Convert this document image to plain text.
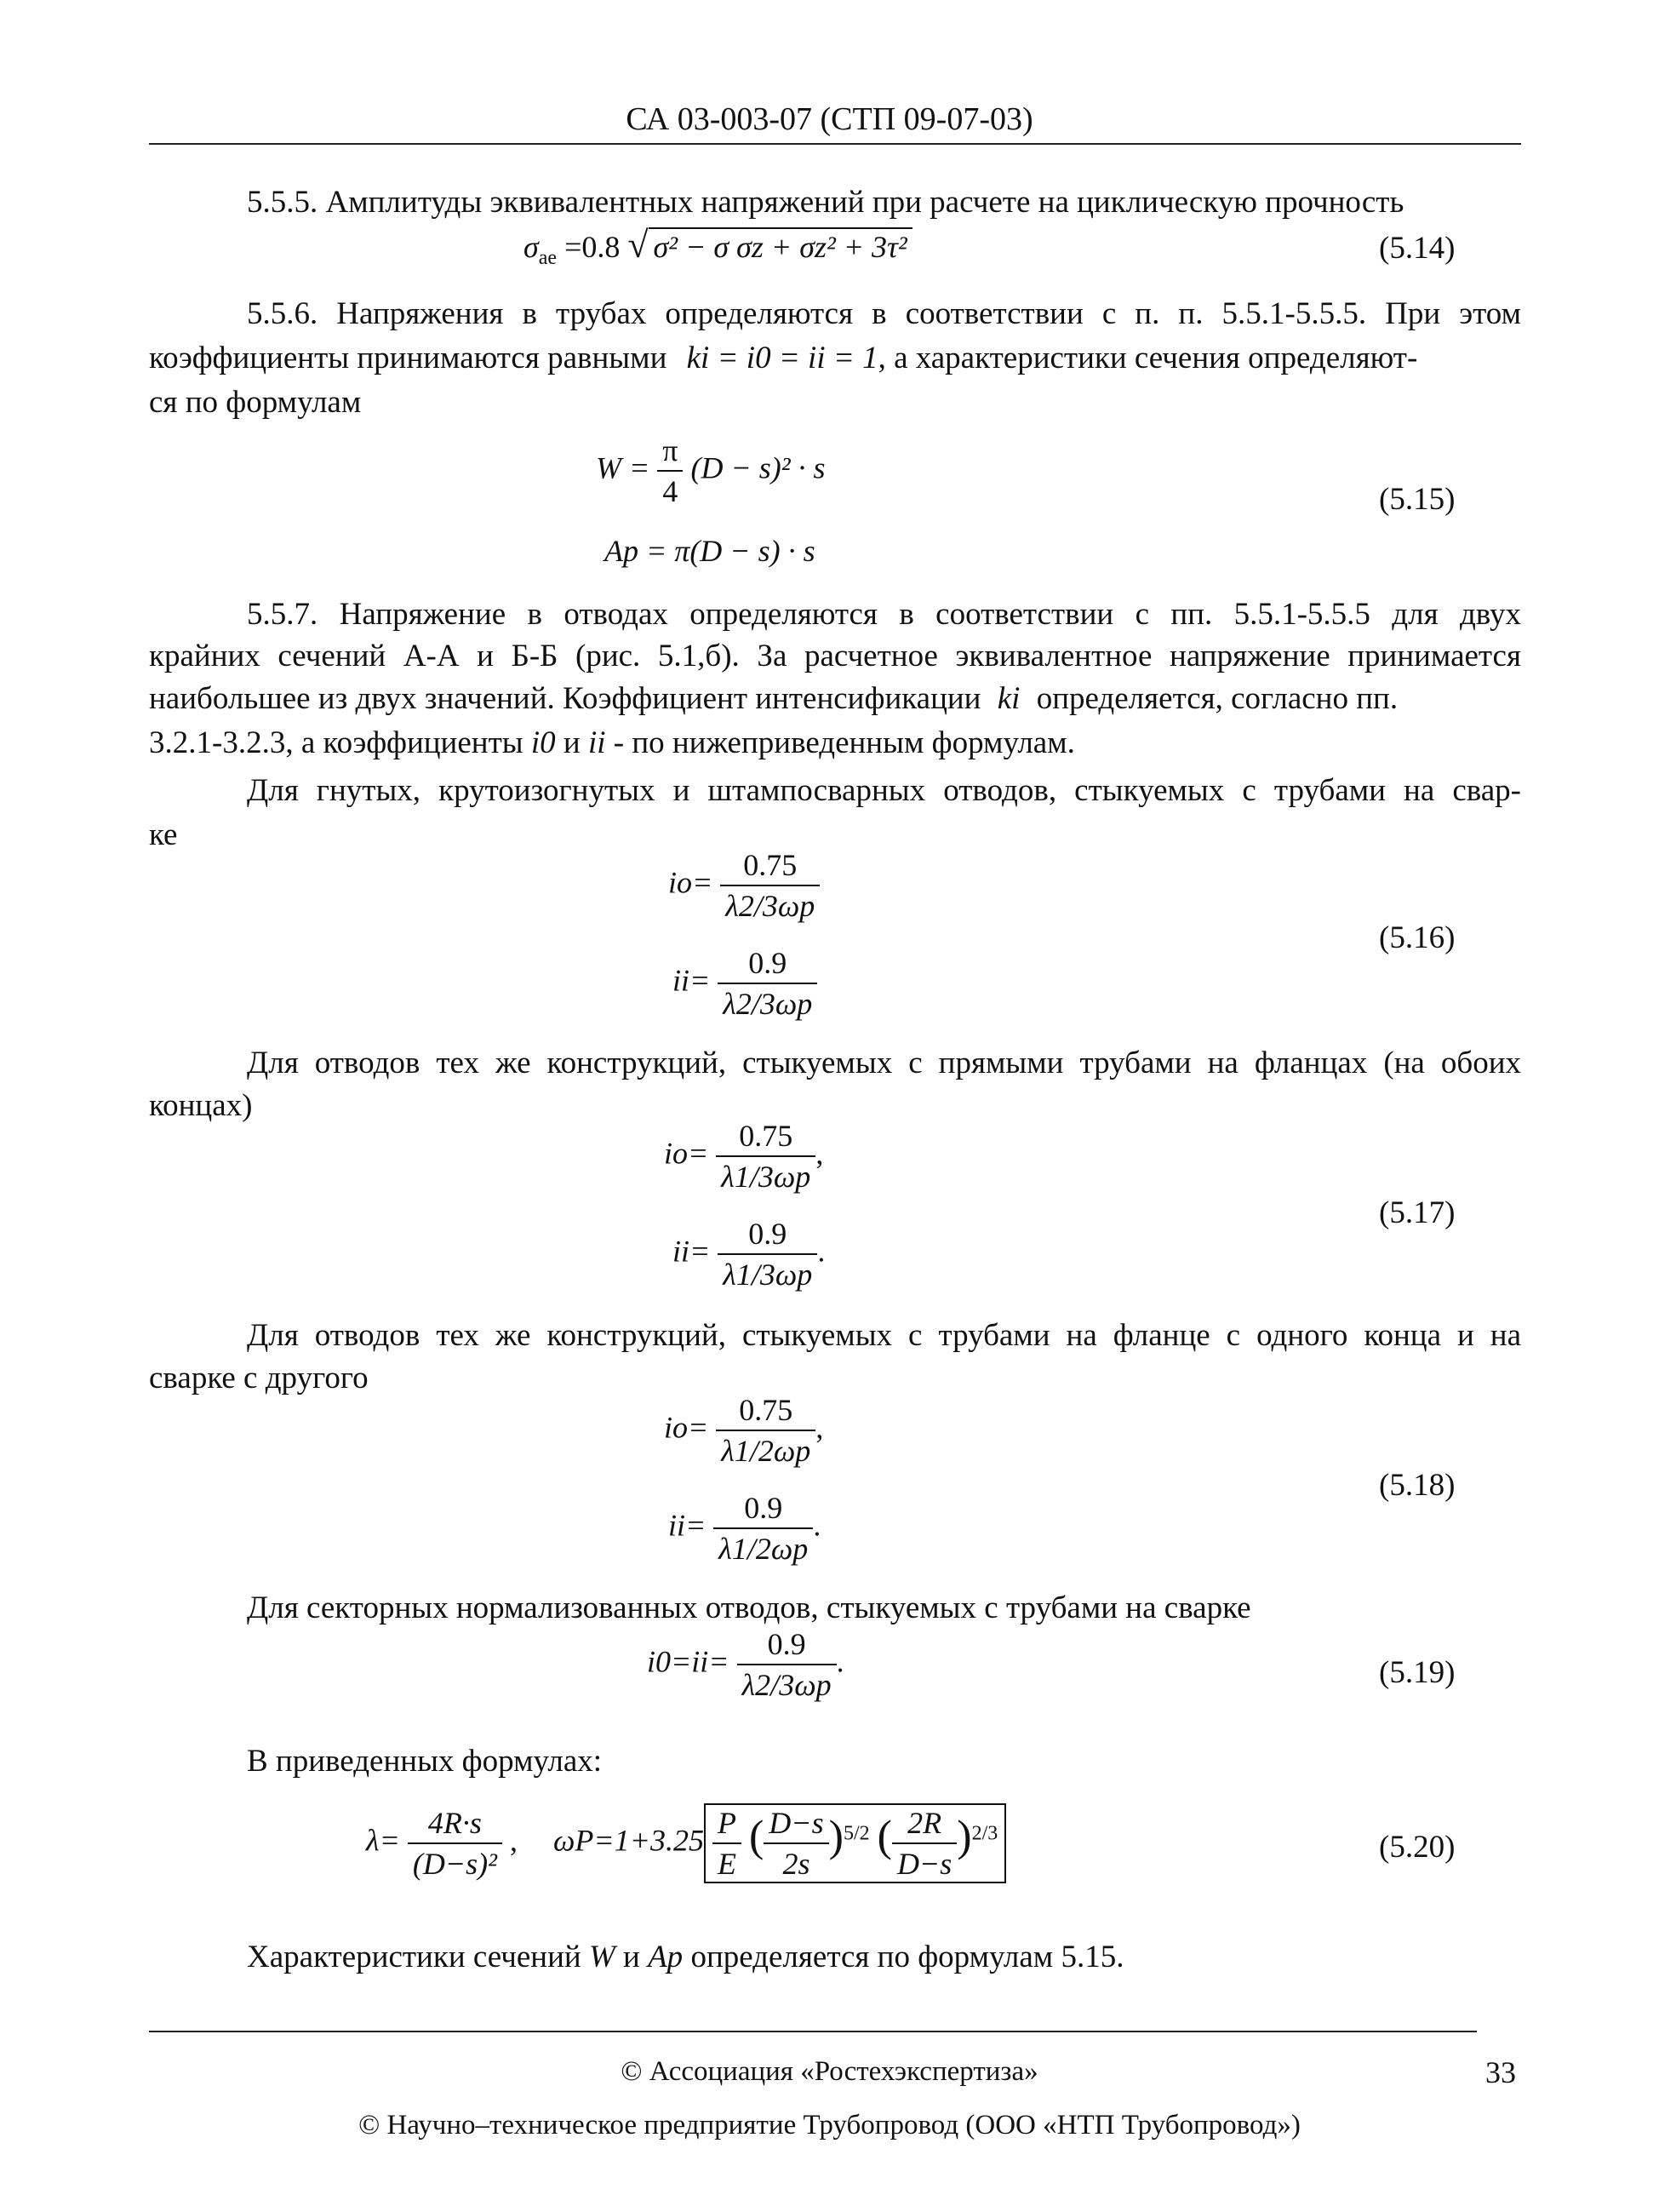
СА 03-003-07 (СТП 09-07-03)
5.5.5. Амплитуды эквивалентных напряжений при расчете на циклическую прочность
$\sigma_{ae} =0.8$ √ σ² − σ σz + σz² + 3τ²	(5.14)
5.5.6. Напряжения в трубах определяются в соответствии с п. п. 5.5.1-5.5.5. При этом
коэффициенты принимаются равными ki = i0 = ii = 1, а характеристики сечения определяют-
ся по формулам
$W = \frac{\pi}{4} (D - s)^2 \cdot s$
(5.15)
Ap = π(D − s) · s
5.5.7. Напряжение в отводах определяются в соответствии с пп. 5.5.1-5.5.5 для двух
крайних сечений А-А и Б-Б (рис. 5.1,б). За расчетное эквивалентное напряжение принимается
наибольшее из двух значений. Коэффициент интенсификации ki определяется, согласно пп.
3.2.1-3.2.3, а коэффициенты i0 и ii - по нижеприведенным формулам.
Для гнутых, крутоизогнутых и штампосварных отводов, стыкуемых с трубами на свар-
ке
$io= \frac{0.75}{\lambda 2/3\omega p}$
(5.16)
$ii= \frac{0.9}{\lambda 2/3\omega p}$
Для отводов тех же конструкций, стыкуемых с прямыми трубами на фланцах (на обоих
концах)
$io= \frac{0.75}{\lambda 1/3\omega p}$ ,
(5.17)
$ii= \frac{0.9}{\lambda 1/3\omega p}$ .
Для отводов тех же конструкций, стыкуемых с трубами на фланце с одного конца и на
сварке с другого
$io= \frac{0.75}{\lambda 1/2\omega p}$ ,
(5.18)
$ii= \frac{0.9}{\lambda 1/2\omega p}$ .
Для секторных нормализованных отводов, стыкуемых с трубами на сварке
$i0=ii= \frac{0.9}{\lambda 2/3\omega p}$ .	(5.19)
В приведенных формулах:
$\lambda= \frac{4R\cdot s}{\text{(D−s)²}}$ , $\omega P=1+3.25 \frac{P}{E}$ ( $\frac{D-s}{2s} )^{5/2}$ ( $\frac{2R}{D-s} )^{2/3}$	(5.20)
Характеристики сечений W и Ap определяется по формулам 5.15.
© Ассоциация «Ростехэкспертиза»	33
© Научно–техническое предприятие Трубопровод (ООО «НТП Трубопровод»)
